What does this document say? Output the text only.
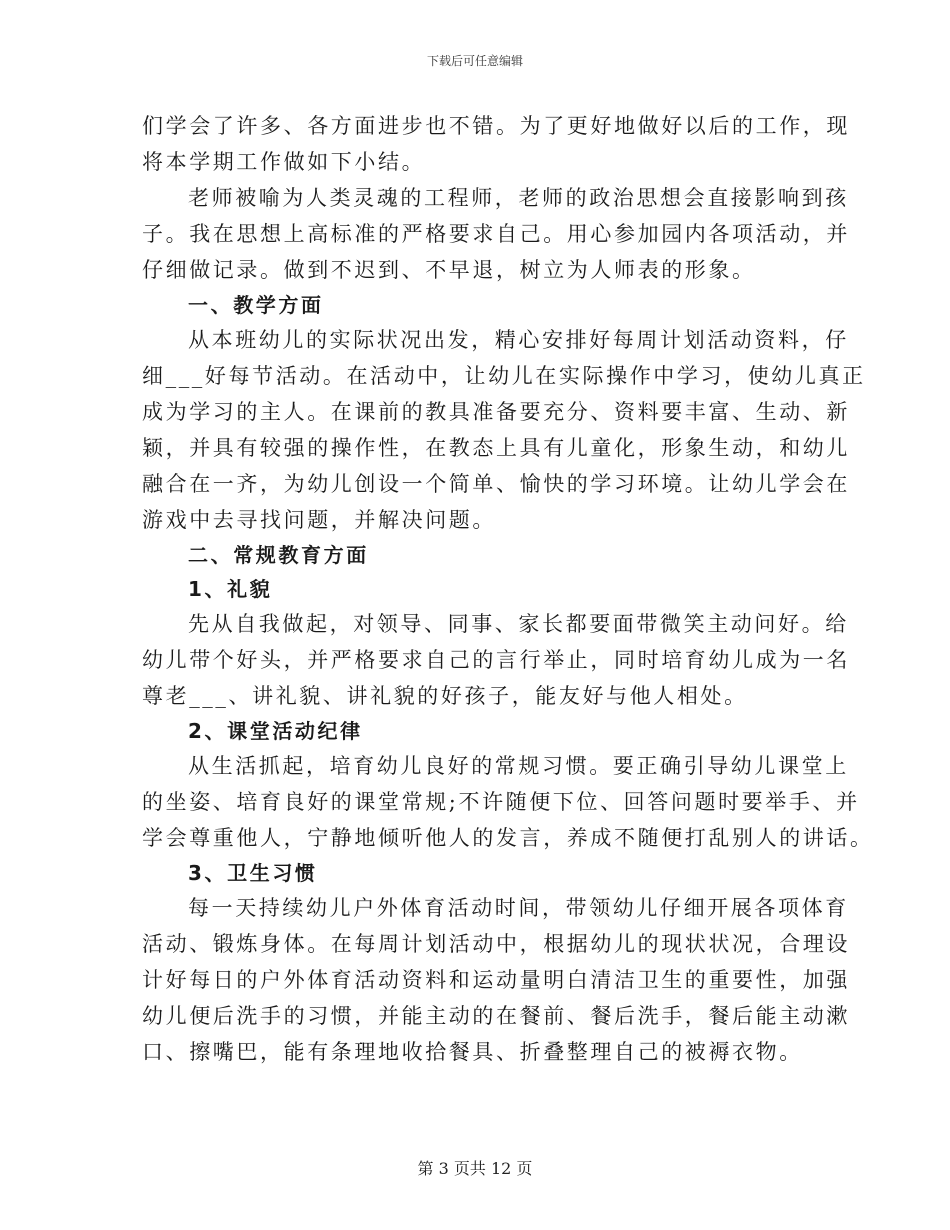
下载后可任意编辑
们学会了许多、各方面进步也不错。为了更好地做好以后的工作，现
将本学期工作做如下小结。
老师被喻为人类灵魂的工程师，老师的政治思想会直接影响到孩
子。我在思想上高标准的严格要求自己。用心参加园内各项活动，并
仔细做记录。做到不迟到、不早退，树立为人师表的形象。
一、教学方面
从本班幼儿的实际状况出发，精心安排好每周计划活动资料，仔
细___好每节活动。在活动中，让幼儿在实际操作中学习，使幼儿真正
成为学习的主人。在课前的教具准备要充分、资料要丰富、生动、新
颖，并具有较强的操作性，在教态上具有儿童化，形象生动，和幼儿
融合在一齐，为幼儿创设一个简单、愉快的学习环境。让幼儿学会在
游戏中去寻找问题，并解决问题。
二、常规教育方面
1、礼貌
先从自我做起，对领导、同事、家长都要面带微笑主动问好。给
幼儿带个好头，并严格要求自己的言行举止，同时培育幼儿成为一名
尊老___、讲礼貌、讲礼貌的好孩子，能友好与他人相处。
2、课堂活动纪律
从生活抓起，培育幼儿良好的常规习惯。要正确引导幼儿课堂上
的坐姿、培育良好的课堂常规;不许随便下位、回答问题时要举手、并
学会尊重他人，宁静地倾听他人的发言，养成不随便打乱别人的讲话。
3、卫生习惯
每一天持续幼儿户外体育活动时间，带领幼儿仔细开展各项体育
活动、锻炼身体。在每周计划活动中，根据幼儿的现状状况，合理设
计好每日的户外体育活动资料和运动量明白清洁卫生的重要性，加强
幼儿便后洗手的习惯，并能主动的在餐前、餐后洗手，餐后能主动漱
口、擦嘴巴，能有条理地收拾餐具、折叠整理自己的被褥衣物。
第 3 页共 12 页
